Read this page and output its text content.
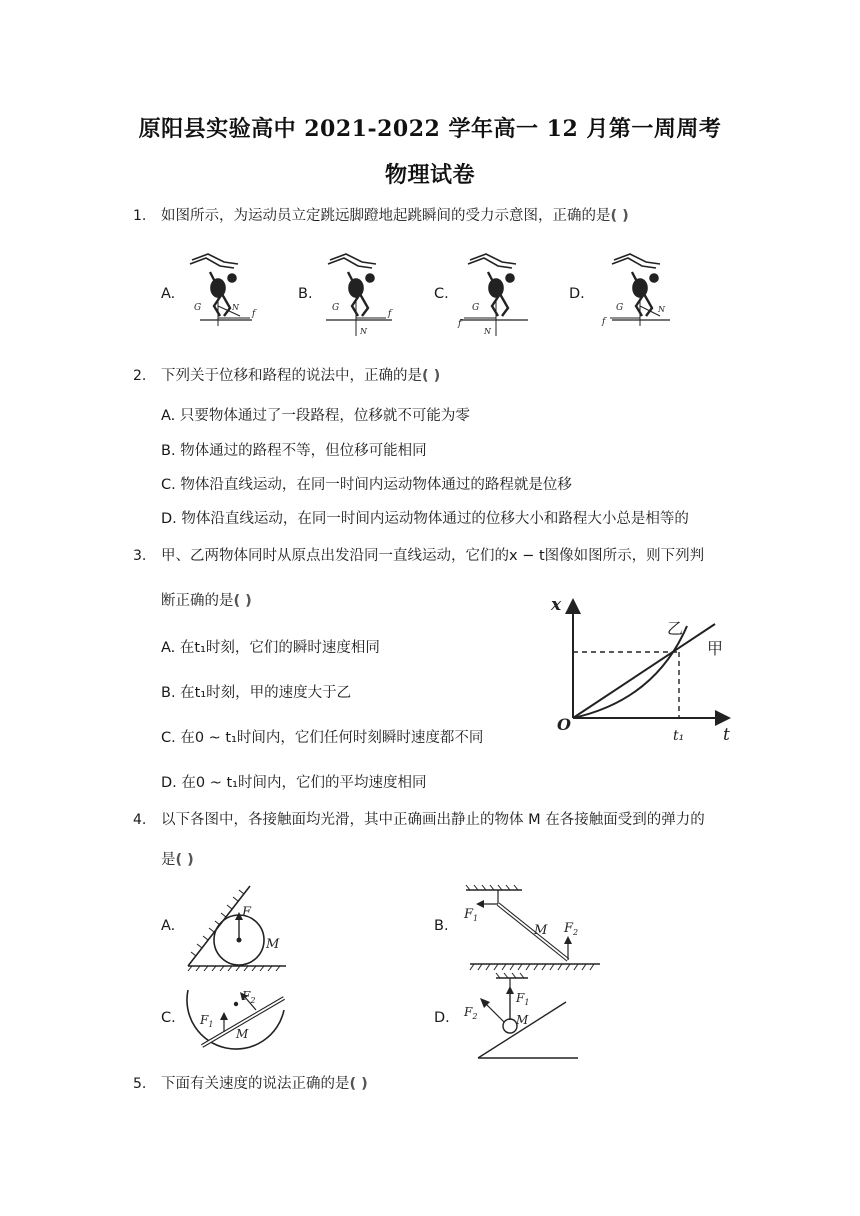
原阳县实验高中 2021-2022 学年高一 12 月第一周周考
物理试卷
1. 如图所示，为运动员立定跳远脚蹬地起跳瞬间的受力示意图，正确的是( )
A.	B.	C.	D.
G	N
f
G
N
f
G
N
f
G	N
f
2. 下列关于位移和路程的说法中，正确的是( )
A. 只要物体通过了一段路程，位移就不可能为零
B. 物体通过的路程不等，但位移可能相同
C. 物体沿直线运动，在同一时间内运动物体通过的路程就是位移
D. 物体沿直线运动，在同一时间内运动物体通过的位移大小和路程大小总是相等的
3. 甲、乙两物体同时从原点出发沿同一直线运动，它们的x − t图像如图所示，则下列判
断正确的是( )
A. 在t₁时刻，它们的瞬时速度相同
B. 在t₁时刻，甲的速度大于乙
C. 在0 ~ t₁时间内，它们任何时刻瞬时速度都不同
D. 在0 ~ t₁时间内，它们的平均速度相同
x
O
t
t₁
乙
甲
4. 以下各图中，各接触面均光滑，其中正确画出静止的物体 M 在各接触面受到的弹力的
是( )
A.	B.
C.	D.
F
M
$F_1$
M $F_2$
$F_1$
$F_2$
M
$F_1$
$F_2$	M
5. 下面有关速度的说法正确的是( )
